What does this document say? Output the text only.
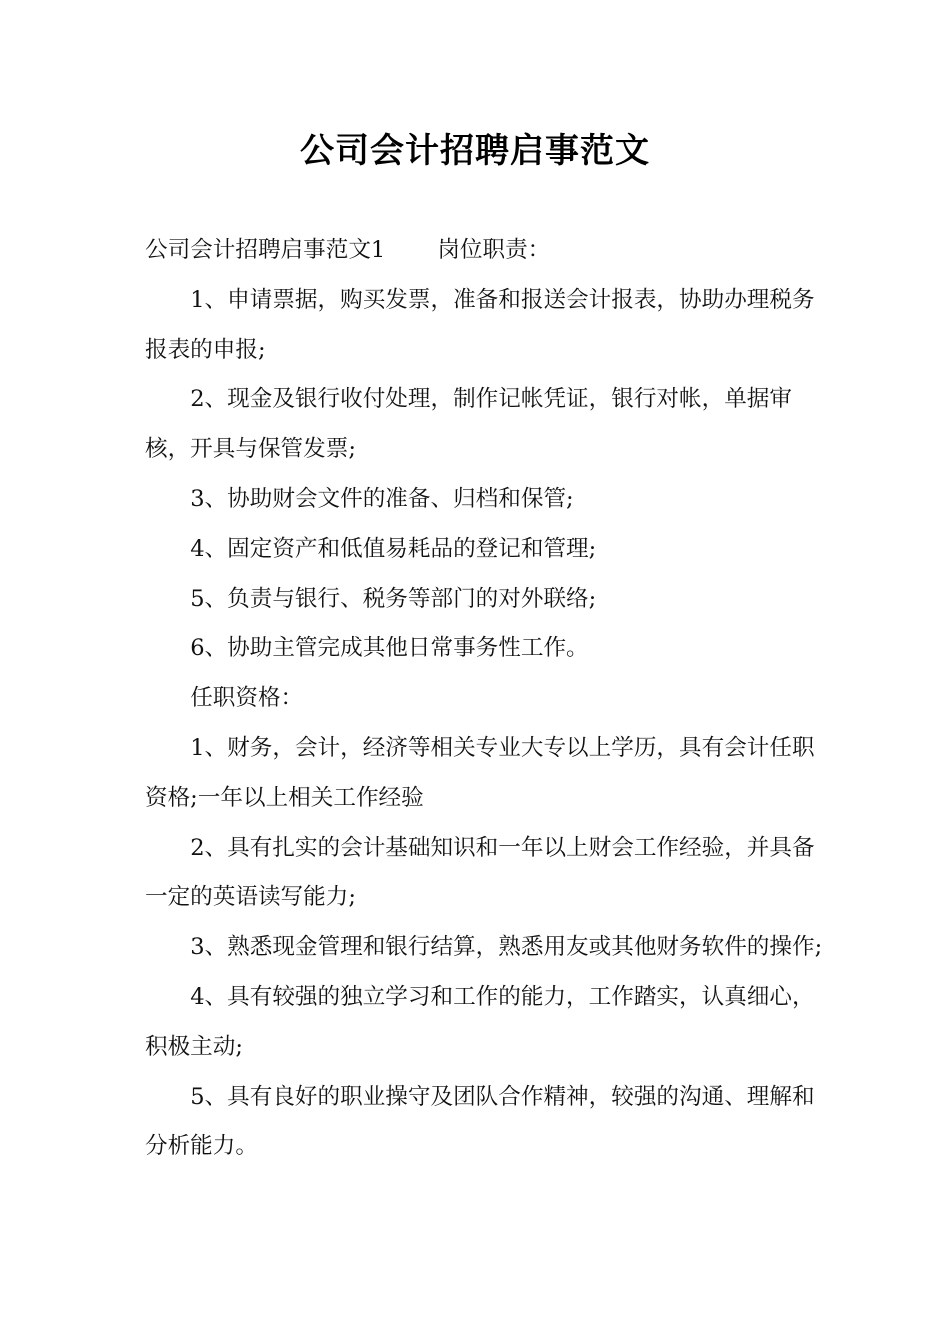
公司会计招聘启事范文

公司会计招聘启事范文1 岗位职责：

1、申请票据，购买发票，准备和报送会计报表，协助办理税务报表的申报;

2、现金及银行收付处理，制作记帐凭证，银行对帐，单据审核，开具与保管发票;

3、协助财会文件的准备、归档和保管;

4、固定资产和低值易耗品的登记和管理;

5、负责与银行、税务等部门的对外联络;

6、协助主管完成其他日常事务性工作。

任职资格：

1、财务，会计，经济等相关专业大专以上学历，具有会计任职资格;一年以上相关工作经验

2、具有扎实的会计基础知识和一年以上财会工作经验，并具备一定的英语读写能力;

3、熟悉现金管理和银行结算，熟悉用友或其他财务软件的操作;

4、具有较强的独立学习和工作的能力，工作踏实，认真细心，积极主动;

5、具有良好的职业操守及团队合作精神，较强的沟通、理解和分析能力。
